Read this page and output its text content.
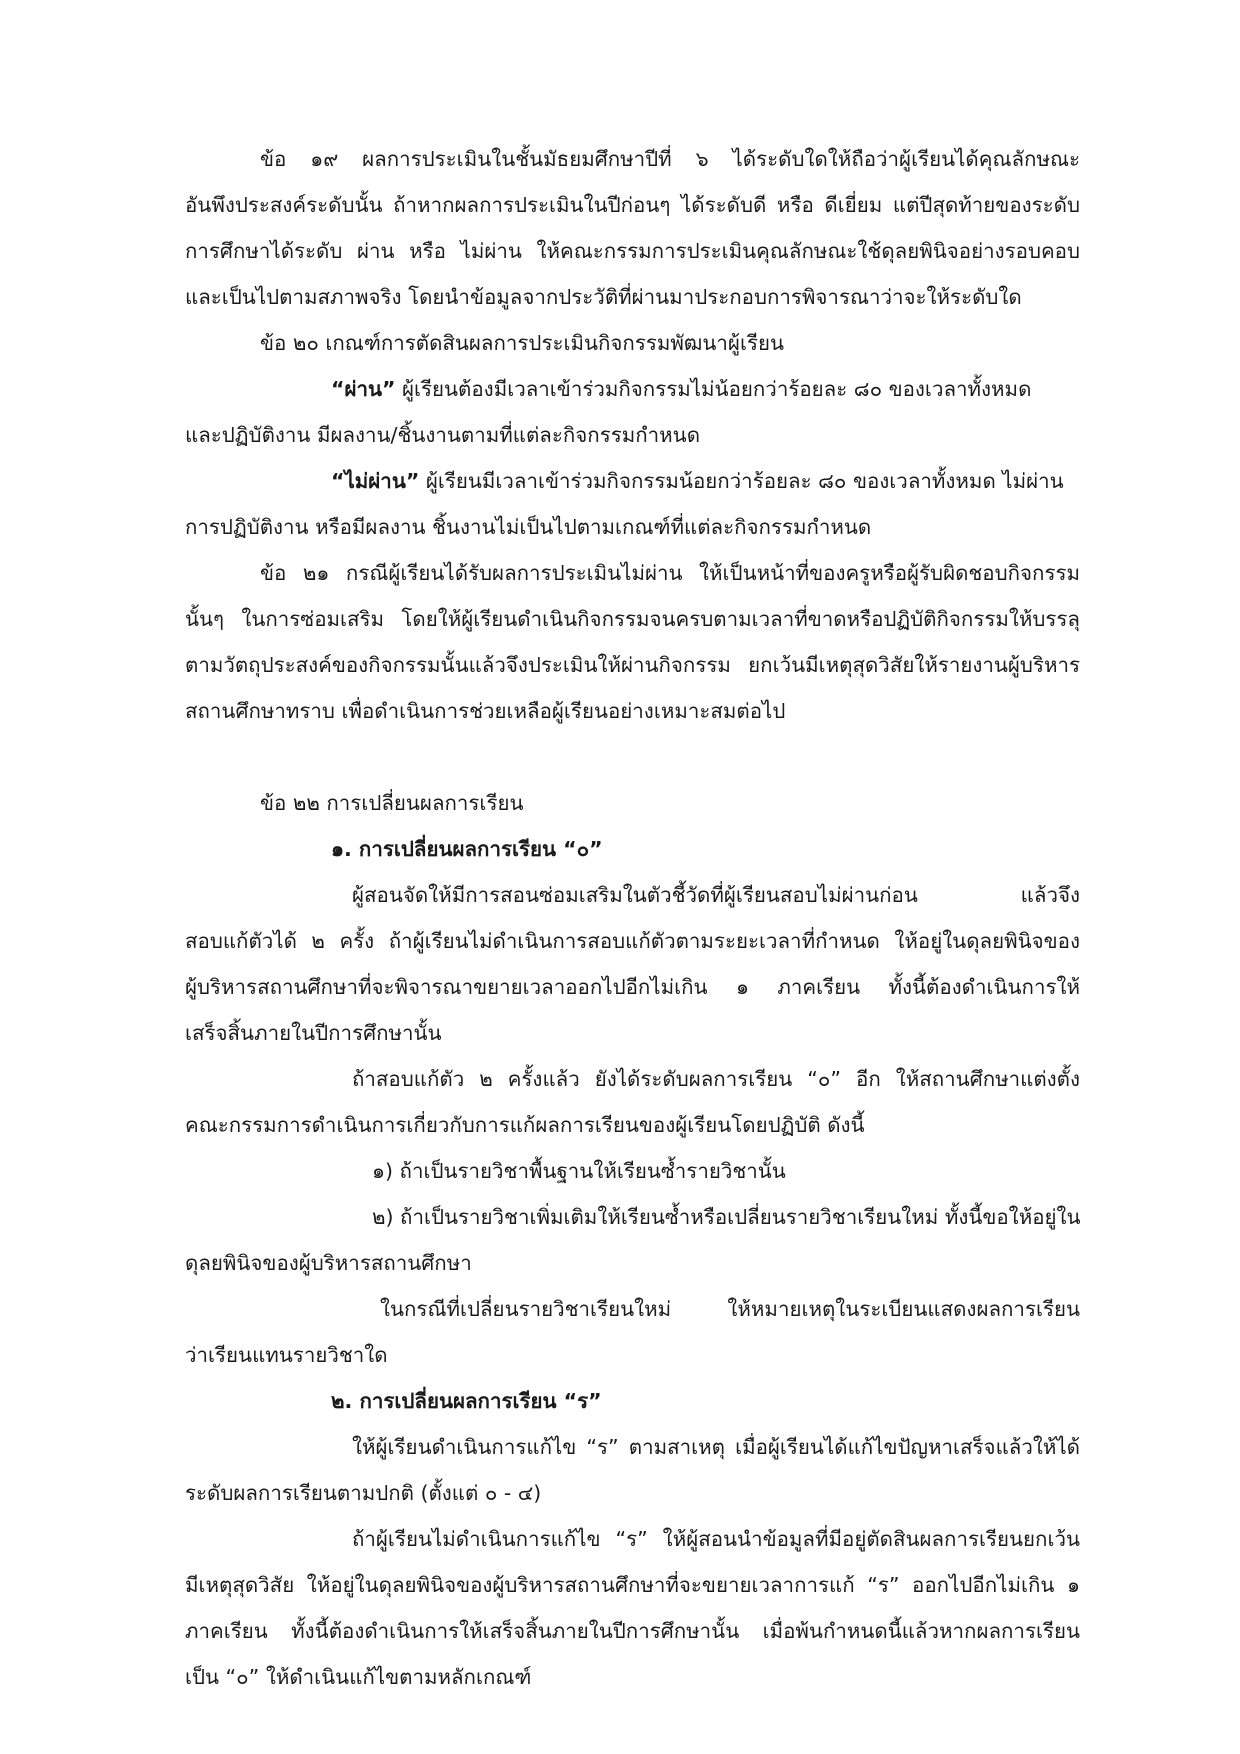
ข้อ ๑๙ ผลการประเมินในชั้นมัธยมศึกษาปีที่ ๖ ได้ระดับใดให้ถือว่าผู้เรียนได้คุณลักษณะ
อันพึงประสงค์ระดับนั้น ถ้าหากผลการประเมินในปีก่อนๆ ได้ระดับดี หรือ ดีเยี่ยม แต่ปีสุดท้ายของระดับ
การศึกษาได้ระดับ ผ่าน หรือ ไม่ผ่าน ให้คณะกรรมการประเมินคุณลักษณะใช้ดุลยพินิจอย่างรอบคอบ
และเป็นไปตามสภาพจริง โดยนำข้อมูลจากประวัติที่ผ่านมาประกอบการพิจารณาว่าจะให้ระดับใด
ข้อ ๒๐ เกณฑ์การตัดสินผลการประเมินกิจกรรมพัฒนาผู้เรียน
“ผ่าน” ผู้เรียนต้องมีเวลาเข้าร่วมกิจกรรมไม่น้อยกว่าร้อยละ ๘๐ ของเวลาทั้งหมด
และปฏิบัติงาน มีผลงาน/ชิ้นงานตามที่แต่ละกิจกรรมกำหนด
“ไม่ผ่าน” ผู้เรียนมีเวลาเข้าร่วมกิจกรรมน้อยกว่าร้อยละ ๘๐ ของเวลาทั้งหมด ไม่ผ่าน
การปฏิบัติงาน หรือมีผลงาน ชิ้นงานไม่เป็นไปตามเกณฑ์ที่แต่ละกิจกรรมกำหนด
ข้อ ๒๑ กรณีผู้เรียนได้รับผลการประเมินไม่ผ่าน ให้เป็นหน้าที่ของครูหรือผู้รับผิดชอบกิจกรรม
นั้นๆ ในการซ่อมเสริม โดยให้ผู้เรียนดำเนินกิจกรรมจนครบตามเวลาที่ขาดหรือปฏิบัติกิจกรรมให้บรรลุ
ตามวัตถุประสงค์ของกิจกรรมนั้นแล้วจึงประเมินให้ผ่านกิจกรรม ยกเว้นมีเหตุสุดวิสัยให้รายงานผู้บริหาร
สถานศึกษาทราบ เพื่อดำเนินการช่วยเหลือผู้เรียนอย่างเหมาะสมต่อไป
ข้อ ๒๒ การเปลี่ยนผลการเรียน
๑. การเปลี่ยนผลการเรียน “๐”
ผู้สอนจัดให้มีการสอนซ่อมเสริมในตัวชี้วัดที่ผู้เรียนสอบไม่ผ่านก่อน แล้วจึง
สอบแก้ตัวได้ ๒ ครั้ง ถ้าผู้เรียนไม่ดำเนินการสอบแก้ตัวตามระยะเวลาที่กำหนด ให้อยู่ในดุลยพินิจของ
ผู้บริหารสถานศึกษาที่จะพิจารณาขยายเวลาออกไปอีกไม่เกิน ๑ ภาคเรียน ทั้งนี้ต้องดำเนินการให้
เสร็จสิ้นภายในปีการศึกษานั้น
ถ้าสอบแก้ตัว ๒ ครั้งแล้ว ยังได้ระดับผลการเรียน “๐” อีก ให้สถานศึกษาแต่งตั้ง
คณะกรรมการดำเนินการเกี่ยวกับการแก้ผลการเรียนของผู้เรียนโดยปฏิบัติ ดังนี้
๑) ถ้าเป็นรายวิชาพื้นฐานให้เรียนซ้ำรายวิชานั้น
๒) ถ้าเป็นรายวิชาเพิ่มเติมให้เรียนซ้ำหรือเปลี่ยนรายวิชาเรียนใหม่ ทั้งนี้ขอให้อยู่ใน
ดุลยพินิจของผู้บริหารสถานศึกษา
ในกรณีที่เปลี่ยนรายวิชาเรียนใหม่ ให้หมายเหตุในระเบียนแสดงผลการเรียน
ว่าเรียนแทนรายวิชาใด
๒. การเปลี่ยนผลการเรียน “ร”
ให้ผู้เรียนดำเนินการแก้ไข “ร” ตามสาเหตุ เมื่อผู้เรียนได้แก้ไขปัญหาเสร็จแล้วให้ได้
ระดับผลการเรียนตามปกติ (ตั้งแต่ ๐ - ๔)
ถ้าผู้เรียนไม่ดำเนินการแก้ไข “ร” ให้ผู้สอนนำข้อมูลที่มีอยู่ตัดสินผลการเรียนยกเว้น
มีเหตุสุดวิสัย ให้อยู่ในดุลยพินิจของผู้บริหารสถานศึกษาที่จะขยายเวลาการแก้ “ร” ออกไปอีกไม่เกิน ๑
ภาคเรียน ทั้งนี้ต้องดำเนินการให้เสร็จสิ้นภายในปีการศึกษานั้น เมื่อพ้นกำหนดนี้แล้วหากผลการเรียน
เป็น “๐” ให้ดำเนินแก้ไขตามหลักเกณฑ์
